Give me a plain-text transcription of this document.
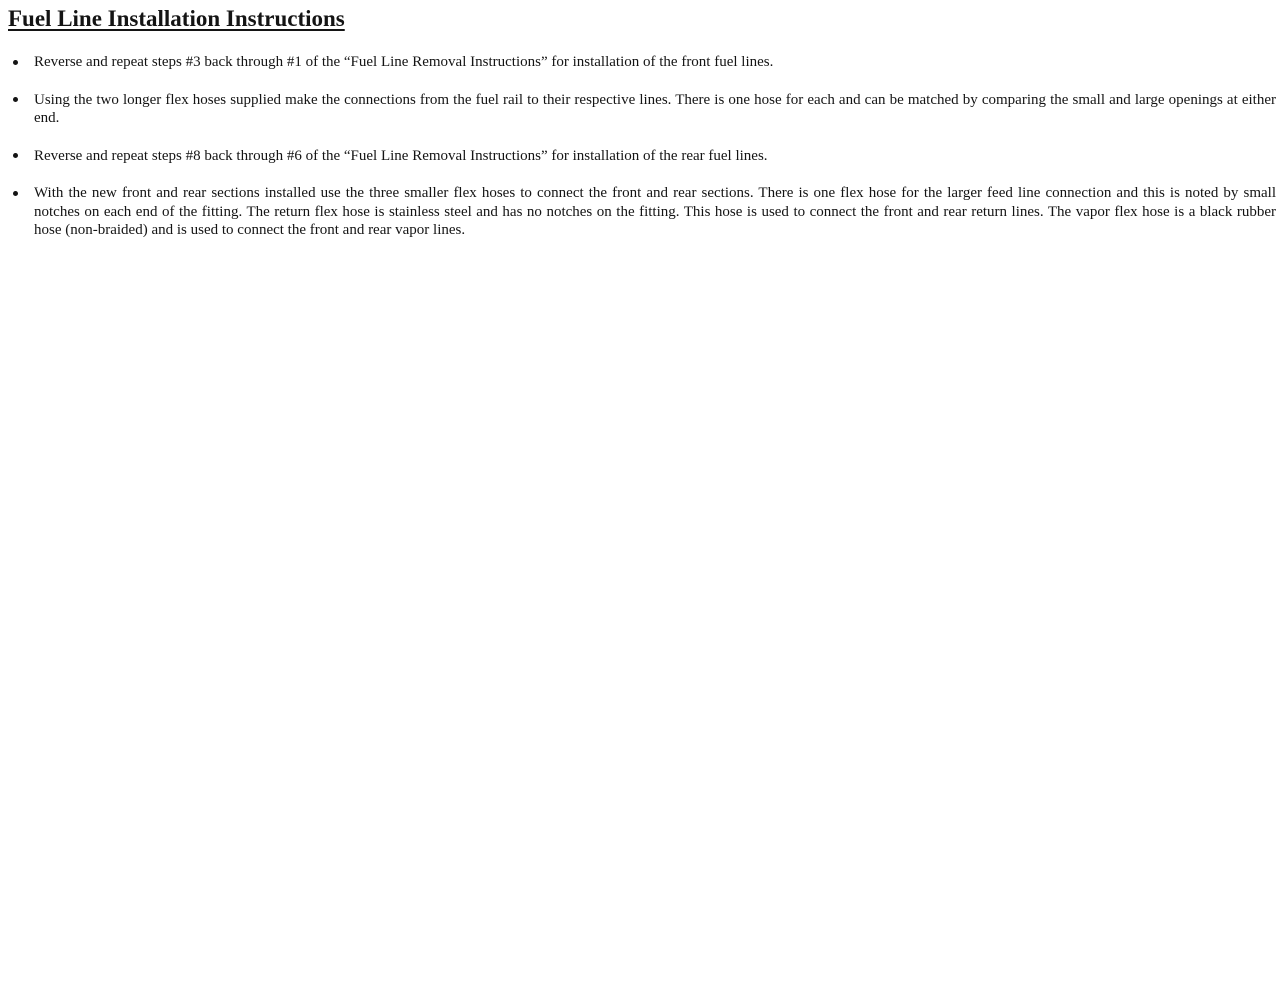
Fuel Line Installation Instructions
Reverse and repeat steps #3 back through #1 of the “Fuel Line Removal Instructions” for installation of the front fuel lines.
Using the two longer flex hoses supplied make the connections from the fuel rail to their respective lines. There is one hose for each and can be matched by comparing the small and large openings at either end.
Reverse and repeat steps #8 back through #6 of the “Fuel Line Removal Instructions” for installation of the rear fuel lines.
With the new front and rear sections installed use the three smaller flex hoses to connect the front and rear sections. There is one flex hose for the larger feed line connection and this is noted by small notches on each end of the fitting. The return flex hose is stainless steel and has no notches on the fitting. This hose is used to connect the front and rear return lines. The vapor flex hose is a black rubber hose (non-braided) and is used to connect the front and rear vapor lines.
